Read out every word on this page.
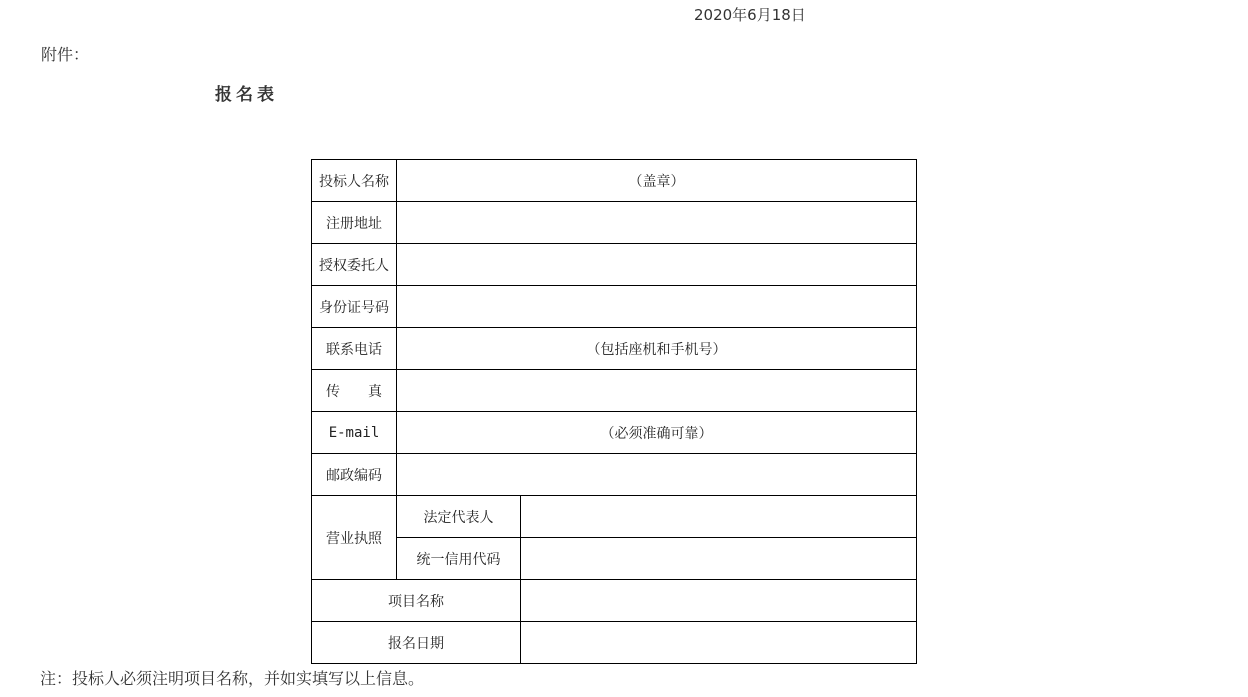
2020年6月18日
附件：
报名表
投标人名称	（盖章）	
注册地址		
授权委托人		
身份证号码		
联系电话	（包括座机和手机号）	
传　　真		
E-mail	（必须准确可靠）	
邮政编码		
营业执照	法定代表人	
	统一信用代码	
项目名称		
报名日期		
注：投标人必须注明项目名称，并如实填写以上信息。
